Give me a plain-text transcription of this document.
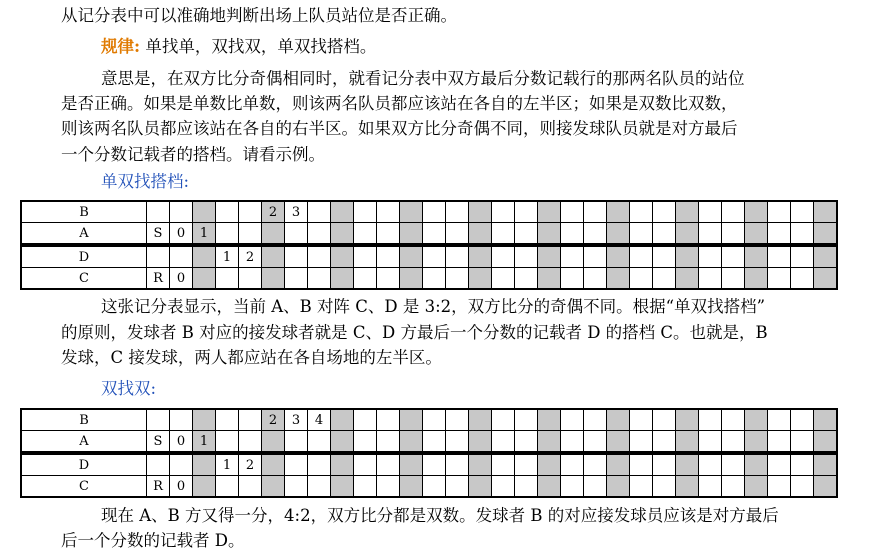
从记分表中可以准确地判断出场上队员站位是否正确。
规律: 单找单，双找双，单双找搭档。
意思是，在双方比分奇偶相同时，就看记分表中双方最后分数记载行的那两名队员的站位
是否正确。如果是单数比单数，则该两名队员都应该站在各自的左半区；如果是双数比双数，
则该两名队员都应该站在各自的右半区。如果双方比分奇偶不同，则接发球队员就是对方最后
一个分数记载者的搭档。请看示例。
单双找搭档:
B						2	3																							
A	S	0	1																											
D				1	2																									
C	R	0																												
这张记分表显示，当前 A、B 对阵 C、D 是 3:2，双方比分的奇偶不同。根据“单双找搭档”
的原则，发球者 B 对应的接发球者就是 C、D 方最后一个分数的记载者 D 的搭档 C。也就是，B
发球，C 接发球，两人都应站在各自场地的左半区。
双找双:
B						2	3	4																						
A	S	0	1																											
D				1	2																									
C	R	0																												
现在 A、B 方又得一分，4:2，双方比分都是双数。发球者 B 的对应接发球员应该是对方最后
后一个分数的记载者 D。
